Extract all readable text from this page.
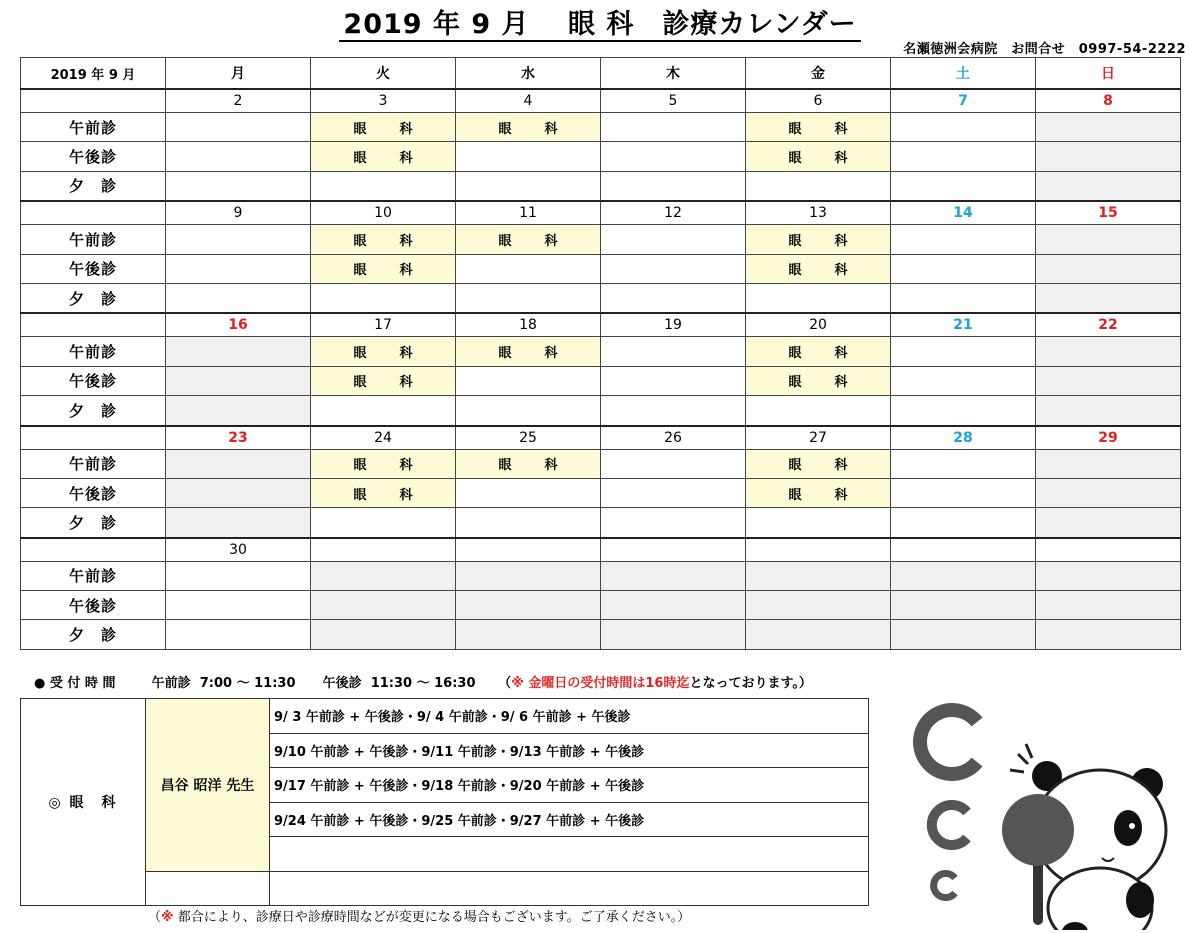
2019 年 9 月　 眼 科　診療カレンダー
名瀬徳洲会病院　お問合せ　0997-54-2222
2019 年 9 月	月	火	水	木	金	土	日
	2	3	4	5	6	7	8
午前診		眼 科	眼 科		眼 科		
午後診		眼 科			眼 科		
夕　診							
	9	10	11	12	13	14	15
午前診		眼 科	眼 科		眼 科		
午後診		眼 科			眼 科		
夕　診							
	16	17	18	19	20	21	22
午前診		眼 科	眼 科		眼 科		
午後診		眼 科			眼 科		
夕　診							
	23	24	25	26	27	28	29
午前診		眼 科	眼 科		眼 科		
午後診		眼 科			眼 科		
夕　診							
	30						
午前診							
午後診							
夕　診							
● 受 付 時 間	午前診  7:00 ～ 11:30 午後診  11:30 ～ 16:30 （※ 金曜日の受付時間は16時迄となっております。）
◎ 眼　科	昌谷 昭洋 先生	9/ 3 午前診 + 午後診・9/ 4 午前診・9/ 6 午前診 + 午後診
		9/10 午前診 + 午後診・9/11 午前診・9/13 午前診 + 午後診
		9/17 午前診 + 午後診・9/18 午前診・9/20 午前診 + 午後診
		9/24 午前診 + 午後診・9/25 午前診・9/27 午前診 + 午後診

（※ 都合により、診療日や診療時間などが変更になる場合もございます。ご了承ください。）
